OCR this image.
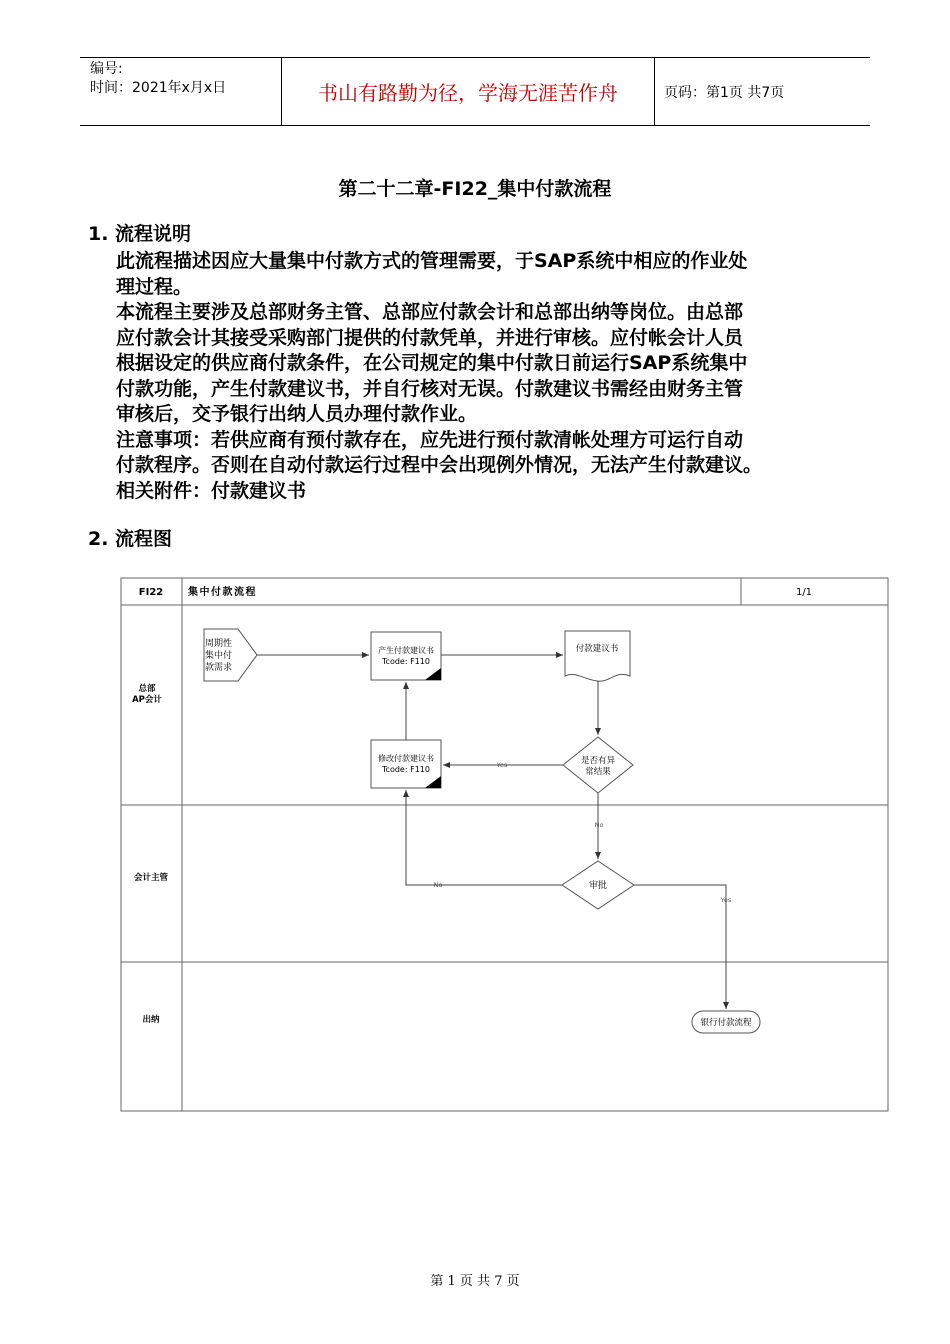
编号:
时间：2021年x月x日	书山有路勤为径，学海无涯苦作舟	页码：第1页 共7页
第二十二章-FI22_集中付款流程
1. 流程说明
此流程描述因应大量集中付款方式的管理需要，于SAP系统中相应的作业处
理过程。
本流程主要涉及总部财务主管、总部应付款会计和总部出纳等岗位。由总部
应付款会计其接受采购部门提供的付款凭单，并进行审核。应付帐会计人员
根据设定的供应商付款条件，在公司规定的集中付款日前运行SAP系统集中
付款功能，产生付款建议书，并自行核对无误。付款建议书需经由财务主管
审核后，交予银行出纳人员办理付款作业。
注意事项：若供应商有预付款存在，应先进行预付款清帐处理方可运行自动
付款程序。否则在自动付款运行过程中会出现例外情况，无法产生付款建议。
相关附件：付款建议书
2. 流程图
FI22 集中付款流程	1/1
总部
AP会计
会计主管
出纳
周期性
集中付
款需求
产生付款建议书
Tcode: F110
付款建议书
是否有异
常结果
修改付款建议书
Tcode: F110
审批
银行付款流程
Yes
No
No
Yes
第 1 页 共 7 页
